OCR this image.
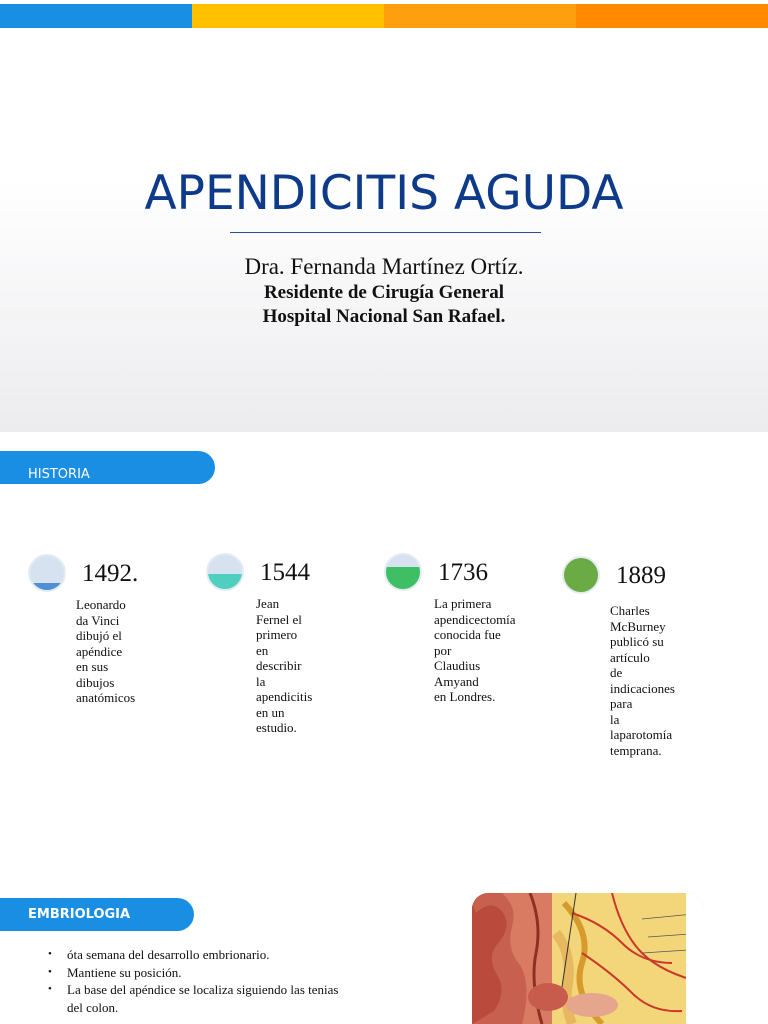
APENDICITIS AGUDA
Dra. Fernanda Martínez Ortíz.
Residente de Cirugía General
Hospital Nacional San Rafael.
HISTORIA
1492.
Leonardo da Vinci
dibujó el apéndice
en sus dibujos
anatómicos
1544
Jean Fernel el
primero en
describir la
apendicitis en un
estudio.
1736
La primera
apendicectomía
conocida fue por
Claudius Amyand
en Londres.
1889
Charles McBurney
publicó su artículo
de indicaciones para
la laparotomía
temprana.
EMBRIOLOGIA
•	óta semana del desarrollo embrionario.
•	Mantiene su posición.
•	La base del apéndice se localiza siguiendo las tenias
del colon.
